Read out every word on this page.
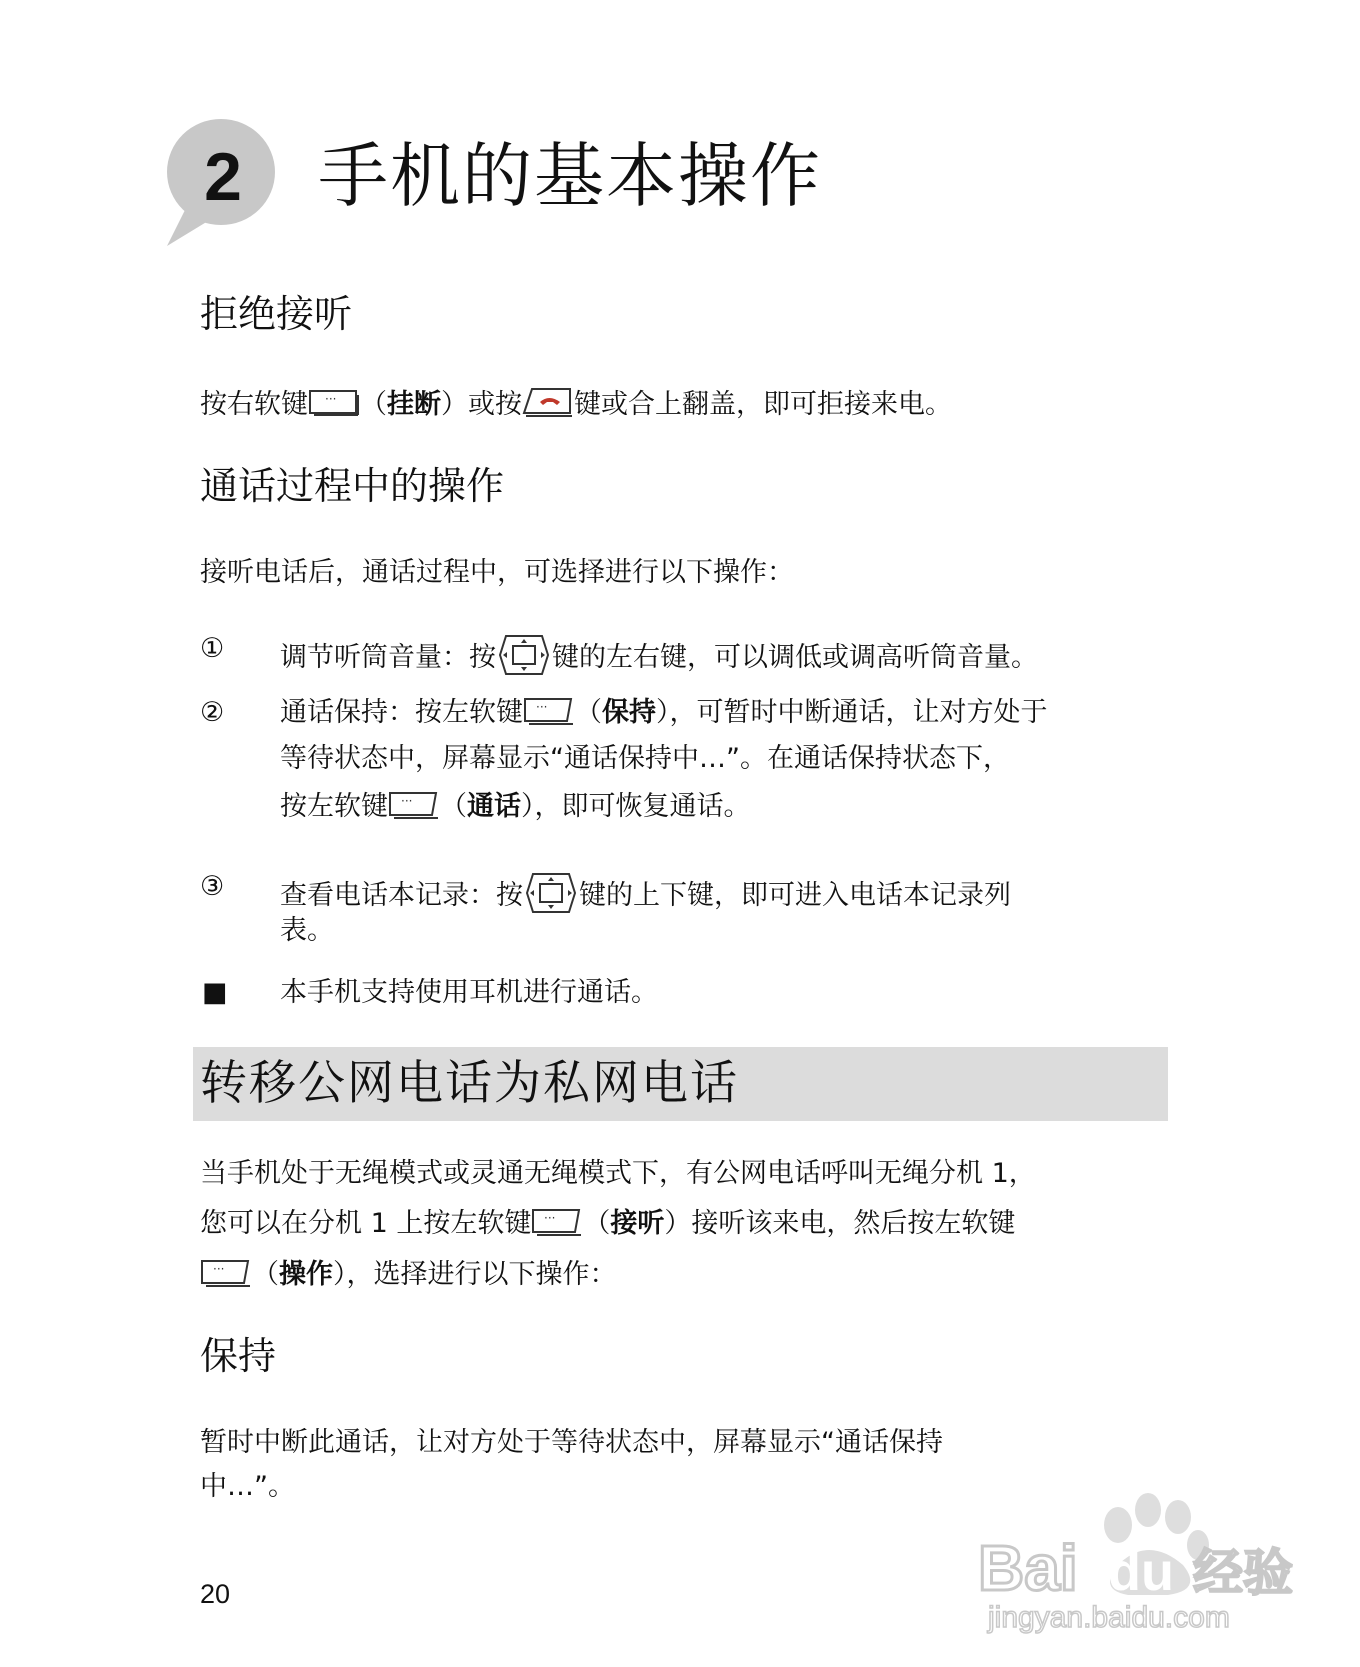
2 手机的基本操作
拒绝接听
按右软键 ··· （挂断）或按 键或合上翻盖，即可拒接来电。
通话过程中的操作
接听电话后，通话过程中，可选择进行以下操作：
① 调节听筒音量：按 键的左右键，可以调低或调高听筒音量。
② 通话保持：按左软键 ··· （保持），可暂时中断通话，让对方处于
等待状态中，屏幕显示“通话保持中…”。在通话保持状态下，
按左软键 ··· （通话），即可恢复通话。
③ 查看电话本记录：按 键的上下键，即可进入电话本记录列
表。
■ 本手机支持使用耳机进行通话。
转移公网电话为私网电话
当手机处于无绳模式或灵通无绳模式下，有公网电话呼叫无绳分机 1，
您可以在分机 1 上按左软键 ··· （接听）接听该来电，然后按左软键
··· （操作），选择进行以下操作：
保持
暂时中断此通话，让对方处于等待状态中，屏幕显示“通话保持
中…”。
20	Bai du 经验
jingyan.baidu.com
